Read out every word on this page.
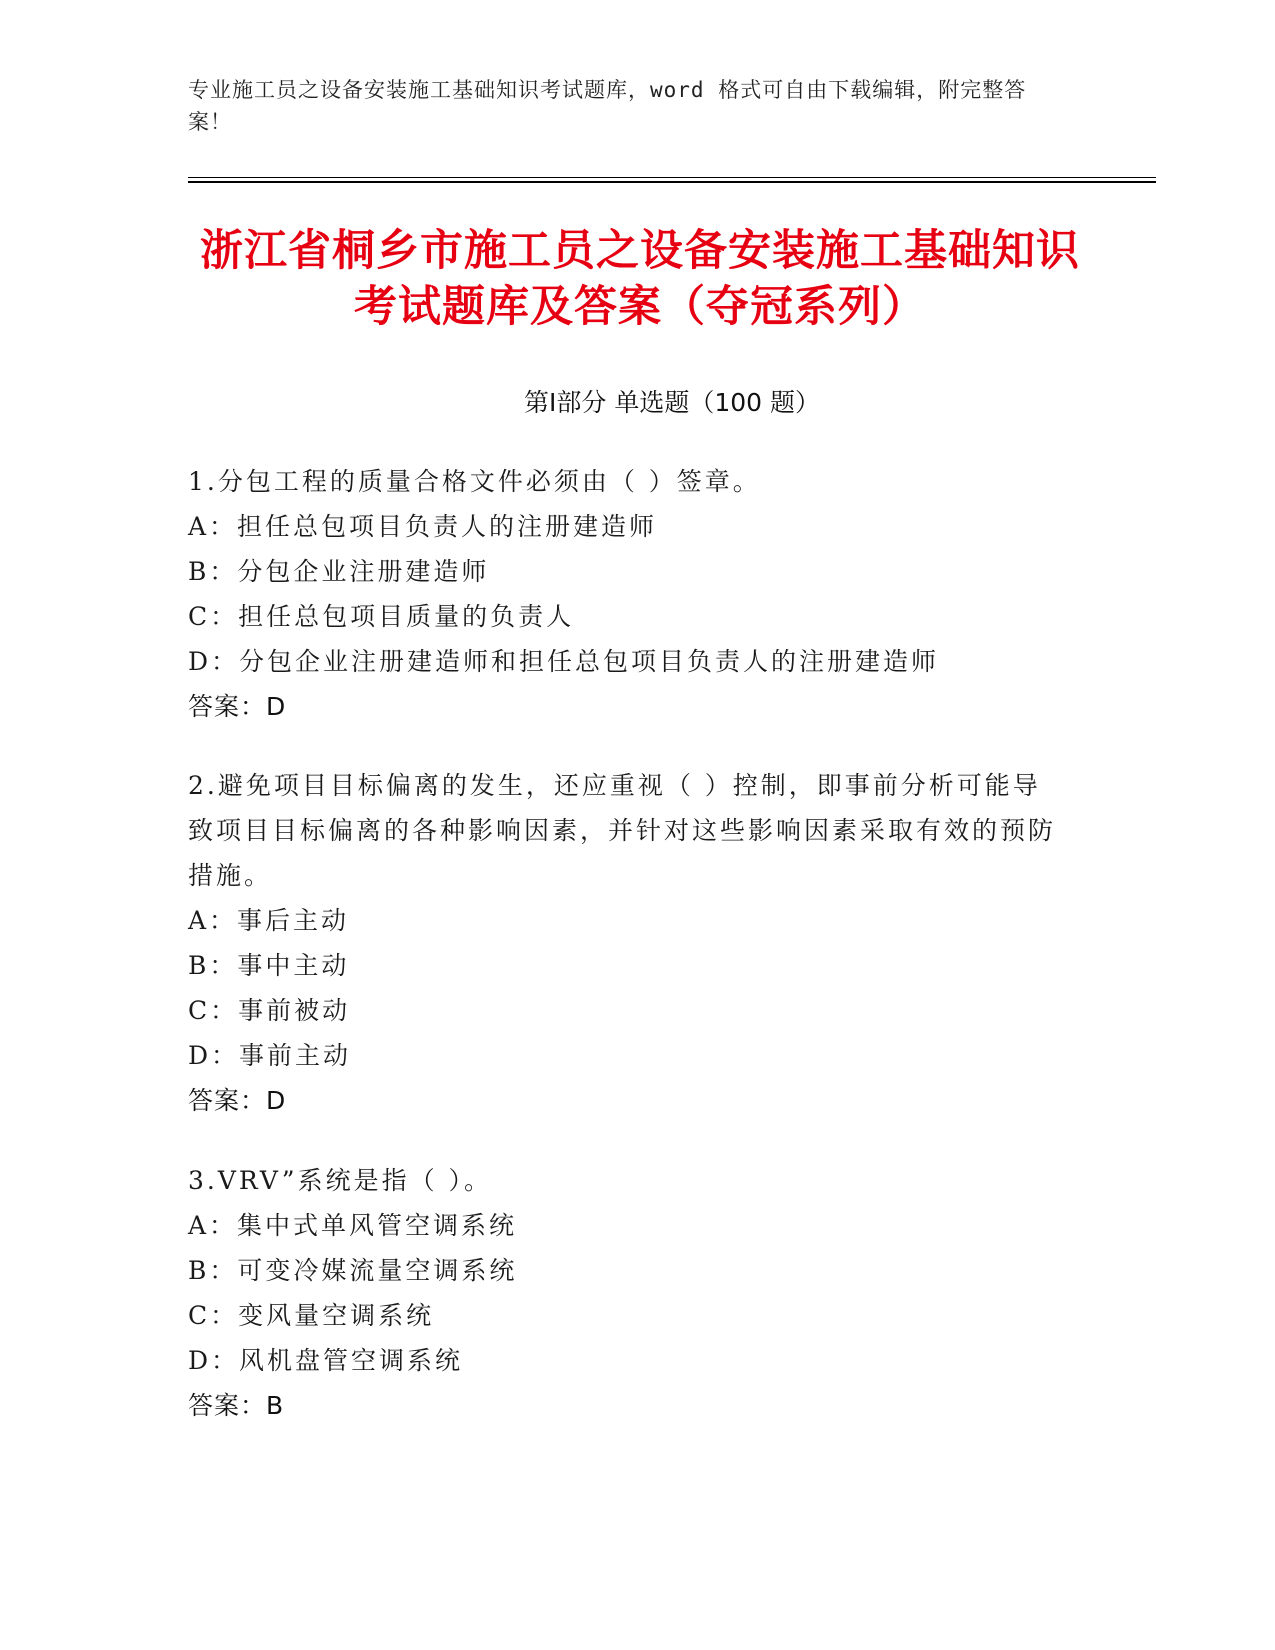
专业施工员之设备安装施工基础知识考试题库，word 格式可自由下载编辑，附完整答案！
浙江省桐乡市施工员之设备安装施工基础知识考试题库及答案（夺冠系列）
第Ⅰ部分 单选题（100 题）
1.分包工程的质量合格文件必须由（ ）签章。
A：担任总包项目负责人的注册建造师
B：分包企业注册建造师
C：担任总包项目质量的负责人
D：分包企业注册建造师和担任总包项目负责人的注册建造师
答案：D
2.避免项目目标偏离的发生，还应重视（ ）控制，即事前分析可能导致项目目标偏离的各种影响因素，并针对这些影响因素采取有效的预防措施。
A：事后主动
B：事中主动
C：事前被动
D：事前主动
答案：D
3.VRV”系统是指（ ）。
A：集中式单风管空调系统
B：可变冷媒流量空调系统
C：变风量空调系统
D：风机盘管空调系统
答案：B
